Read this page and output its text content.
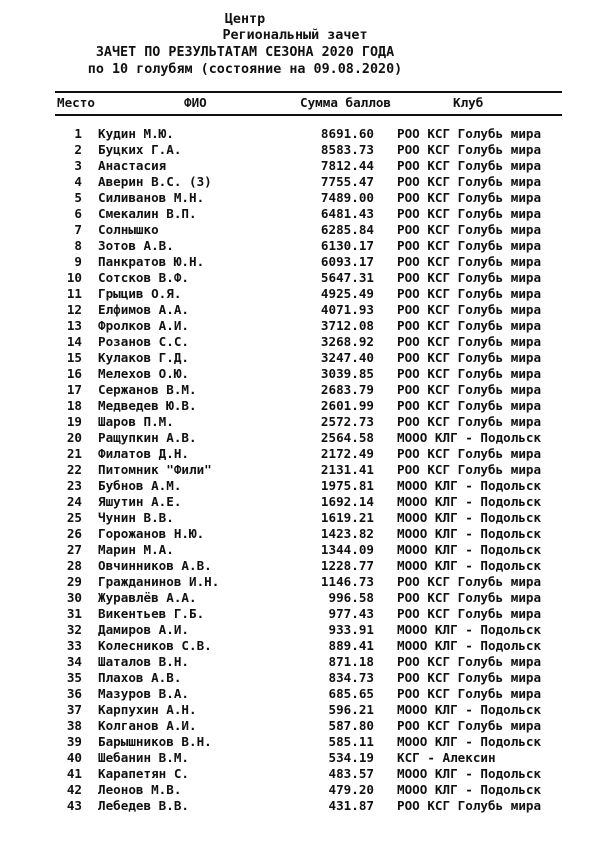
Центр
Региональный зачет
ЗАЧЕТ ПО РЕЗУЛЬТАТАМ СЕЗОНА 2020 ГОДА
по 10 голубям (состояние на 09.08.2020)
Место	ФИО	Сумма баллов	Клуб
1 Кудин М.Ю.	8691.60 РОО КСГ Голубь мира
2 Буцких Г.А.	8583.73 РОО КСГ Голубь мира
3 Анастасия	7812.44 РОО КСГ Голубь мира
4 Аверин В.С. (З)	7755.47 РОО КСГ Голубь мира
5 Силиванов М.Н.	7489.00 РОО КСГ Голубь мира
6 Смекалин В.П.	6481.43 РОО КСГ Голубь мира
7 Солнышко	6285.84 РОО КСГ Голубь мира
8 Зотов А.В.	6130.17 РОО КСГ Голубь мира
9 Панкратов Ю.Н.	6093.17 РОО КСГ Голубь мира
10 Сотсков В.Ф.	5647.31 РОО КСГ Голубь мира
11 Грыцив О.Я.	4925.49 РОО КСГ Голубь мира
12 Елфимов А.А.	4071.93 РОО КСГ Голубь мира
13 Фролков А.И.	3712.08 РОО КСГ Голубь мира
14 Розанов С.С.	3268.92 РОО КСГ Голубь мира
15 Кулаков Г.Д.	3247.40 РОО КСГ Голубь мира
16 Мелехов О.Ю.	3039.85 РОО КСГ Голубь мира
17 Сержанов В.М.	2683.79 РОО КСГ Голубь мира
18 Медведев Ю.В.	2601.99 РОО КСГ Голубь мира
19 Шаров П.М.	2572.73 РОО КСГ Голубь мира
20 Ращупкин А.В.	2564.58 МООО КЛГ - Подольск
21 Филатов Д.Н.	2172.49 РОО КСГ Голубь мира
22 Питомник "Фили"	2131.41 РОО КСГ Голубь мира
23 Бубнов А.М.	1975.81 МООО КЛГ - Подольск
24 Яшутин А.Е.	1692.14 МООО КЛГ - Подольск
25 Чунин В.В.	1619.21 МООО КЛГ - Подольск
26 Горожанов Н.Ю.	1423.82 МООО КЛГ - Подольск
27 Марин М.А.	1344.09 МООО КЛГ - Подольск
28 Овчинников А.В.	1228.77 МООО КЛГ - Подольск
29 Гражданинов И.Н.	1146.73 РОО КСГ Голубь мира
30 Журавлёв А.А.	996.58 РОО КСГ Голубь мира
31 Викентьев Г.Б.	977.43 РОО КСГ Голубь мира
32 Дамиров А.И.	933.91 МООО КЛГ - Подольск
33 Колесников С.В.	889.41 МООО КЛГ - Подольск
34 Шаталов В.Н.	871.18 РОО КСГ Голубь мира
35 Плахов А.В.	834.73 РОО КСГ Голубь мира
36 Мазуров В.А.	685.65 РОО КСГ Голубь мира
37 Карпухин А.Н.	596.21 МООО КЛГ - Подольск
38 Колганов А.И.	587.80 РОО КСГ Голубь мира
39 Барышников В.Н.	585.11 МООО КЛГ - Подольск
40 Шебанин В.М.	534.19 КСГ - Алексин
41 Карапетян С.	483.57 МООО КЛГ - Подольск
42 Леонов М.В.	479.20 МООО КЛГ - Подольск
43 Лебедев В.В.	431.87 РОО КСГ Голубь мира
